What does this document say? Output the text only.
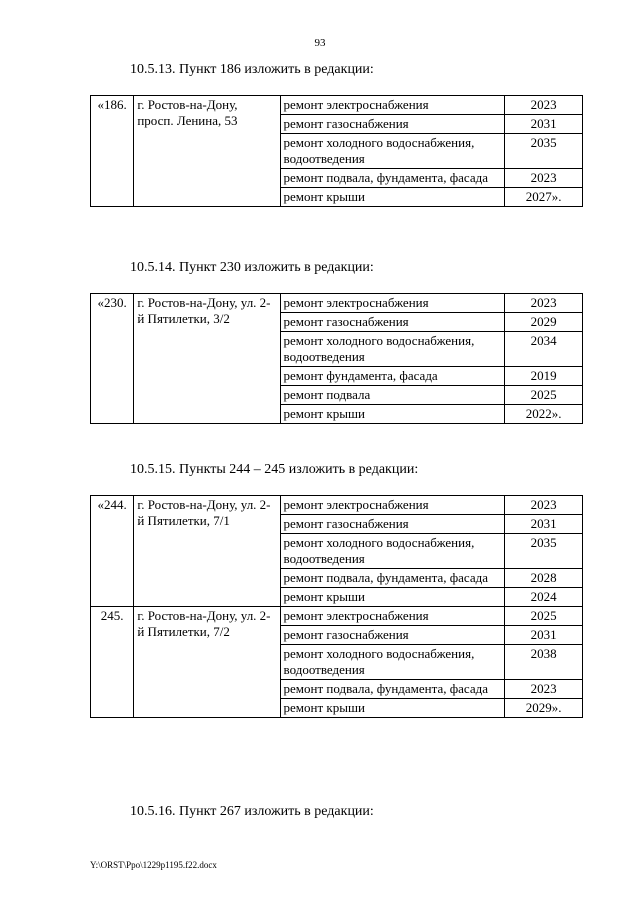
93
10.5.13. Пункт 186 изложить в редакции:
«186.	г. Ростов-на-Дону, просп. Ленина, 53	ремонт электроснабжения	2023
		ремонт газоснабжения	2031
		ремонт холодного водоснабжения, водоотведения	2035
		ремонт подвала, фундамента, фасада	2023
		ремонт крыши	2027».
10.5.14. Пункт 230 изложить в редакции:
«230.	г. Ростов-на-Дону, ул. 2-й Пятилетки, 3/2	ремонт электроснабжения	2023
		ремонт газоснабжения	2029
		ремонт холодного водоснабжения, водоотведения	2034
		ремонт фундамента, фасада	2019
		ремонт подвала	2025
		ремонт крыши	2022».
10.5.15. Пункты 244 – 245 изложить в редакции:
«244.	г. Ростов-на-Дону, ул. 2-й Пятилетки, 7/1	ремонт электроснабжения	2023
		ремонт газоснабжения	2031
		ремонт холодного водоснабжения, водоотведения	2035
		ремонт подвала, фундамента, фасада	2028
		ремонт крыши	2024
245.	г. Ростов-на-Дону, ул. 2-й Пятилетки, 7/2	ремонт электроснабжения	2025
		ремонт газоснабжения	2031
		ремонт холодного водоснабжения, водоотведения	2038
		ремонт подвала, фундамента, фасада	2023
		ремонт крыши	2029».
10.5.16. Пункт 267 изложить в редакции:
Y:\ORST\Ppo\1229p1195.f22.docx
